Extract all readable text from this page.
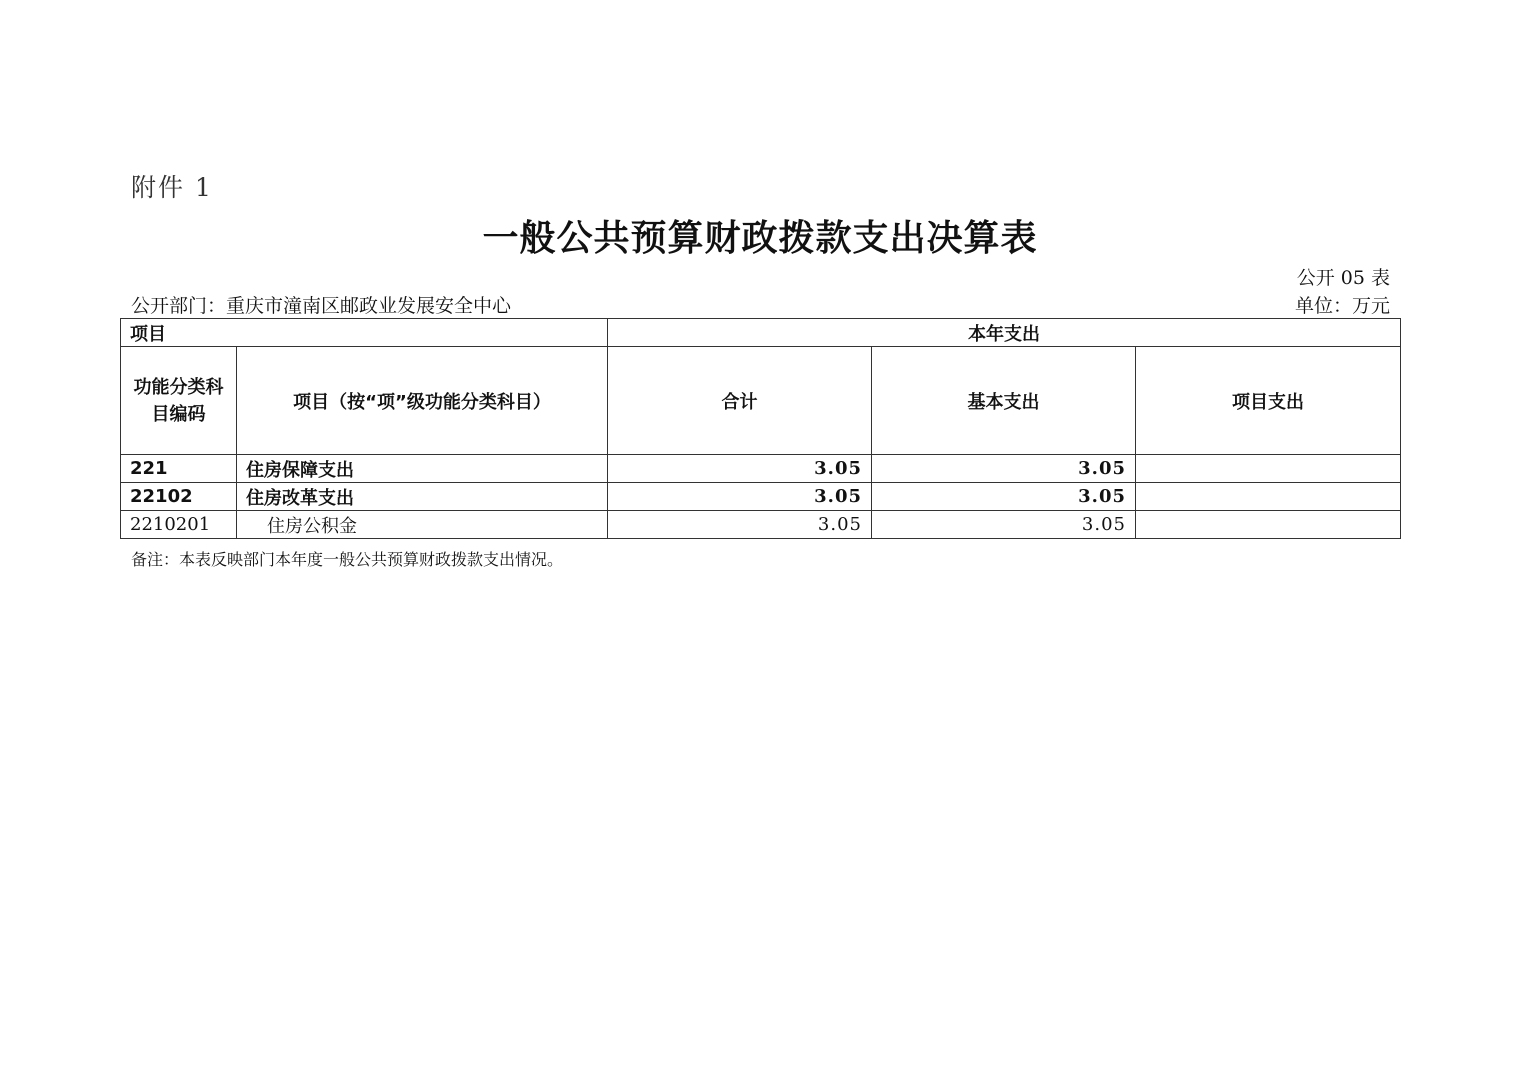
附件 1
一般公共预算财政拨款支出决算表
公开 05 表
公开部门：重庆市潼南区邮政业发展安全中心	单位：万元
项目		本年支出		
功能分类科目编码	项目（按“项”级功能分类科目）	合计	基本支出	项目支出
221	住房保障支出	3.05	3.05	
22102	住房改革支出	3.05	3.05	
2210201	住房公积金	3.05	3.05	
备注：本表反映部门本年度一般公共预算财政拨款支出情况。
